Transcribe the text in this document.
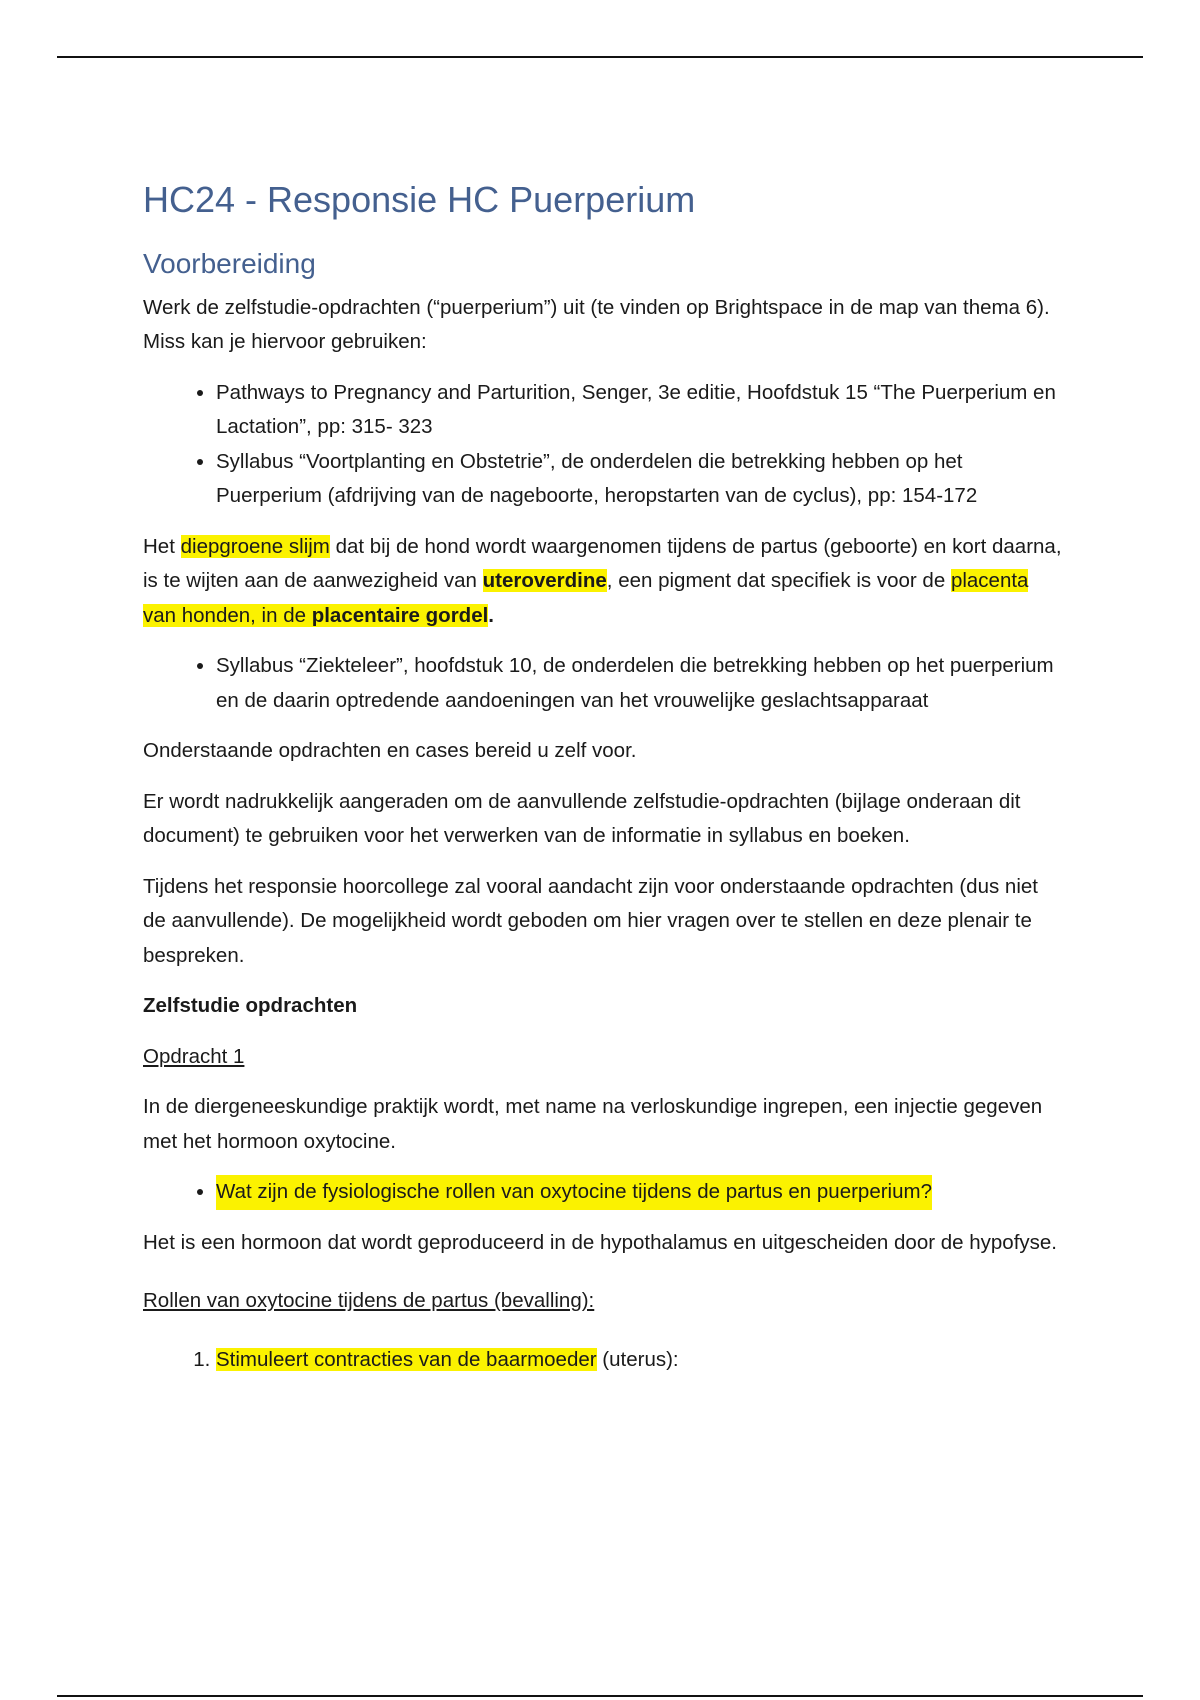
HC24 - Responsie HC Puerperium
Voorbereiding

Werk de zelfstudie-opdrachten (“puerperium”) uit (te vinden op Brightspace in de map van thema 6). Miss kan je hiervoor gebruiken:

• Pathways to Pregnancy and Parturition, Senger, 3e editie, Hoofdstuk 15 “The Puerperium en Lactation”, pp: 315- 323
• Syllabus “Voortplanting en Obstetrie”, de onderdelen die betrekking hebben op het Puerperium (afdrijving van de nageboorte, heropstarten van de cyclus), pp: 154-172

Het diepgroene slijm dat bij de hond wordt waargenomen tijdens de partus (geboorte) en kort daarna, is te wijten aan de aanwezigheid van uteroverdine, een pigment dat specifiek is voor de placenta van honden, in de placentaire gordel.

• Syllabus “Ziekteleer”, hoofdstuk 10, de onderdelen die betrekking hebben op het puerperium en de daarin optredende aandoeningen van het vrouwelijke geslachtsapparaat

Onderstaande opdrachten en cases bereid u zelf voor.

Er wordt nadrukkelijk aangeraden om de aanvullende zelfstudie-opdrachten (bijlage onderaan dit document) te gebruiken voor het verwerken van de informatie in syllabus en boeken.

Tijdens het responsie hoorcollege zal vooral aandacht zijn voor onderstaande opdrachten (dus niet de aanvullende). De mogelijkheid wordt geboden om hier vragen over te stellen en deze plenair te bespreken.

Zelfstudie opdrachten

Opdracht 1

In de diergeneeskundige praktijk wordt, met name na verloskundige ingrepen, een injectie gegeven met het hormoon oxytocine.

• Wat zijn de fysiologische rollen van oxytocine tijdens de partus en puerperium?

Het is een hormoon dat wordt geproduceerd in de hypothalamus en uitgescheiden door de hypofyse.

Rollen van oxytocine tijdens de partus (bevalling):

1. Stimuleert contracties van de baarmoeder (uterus):
